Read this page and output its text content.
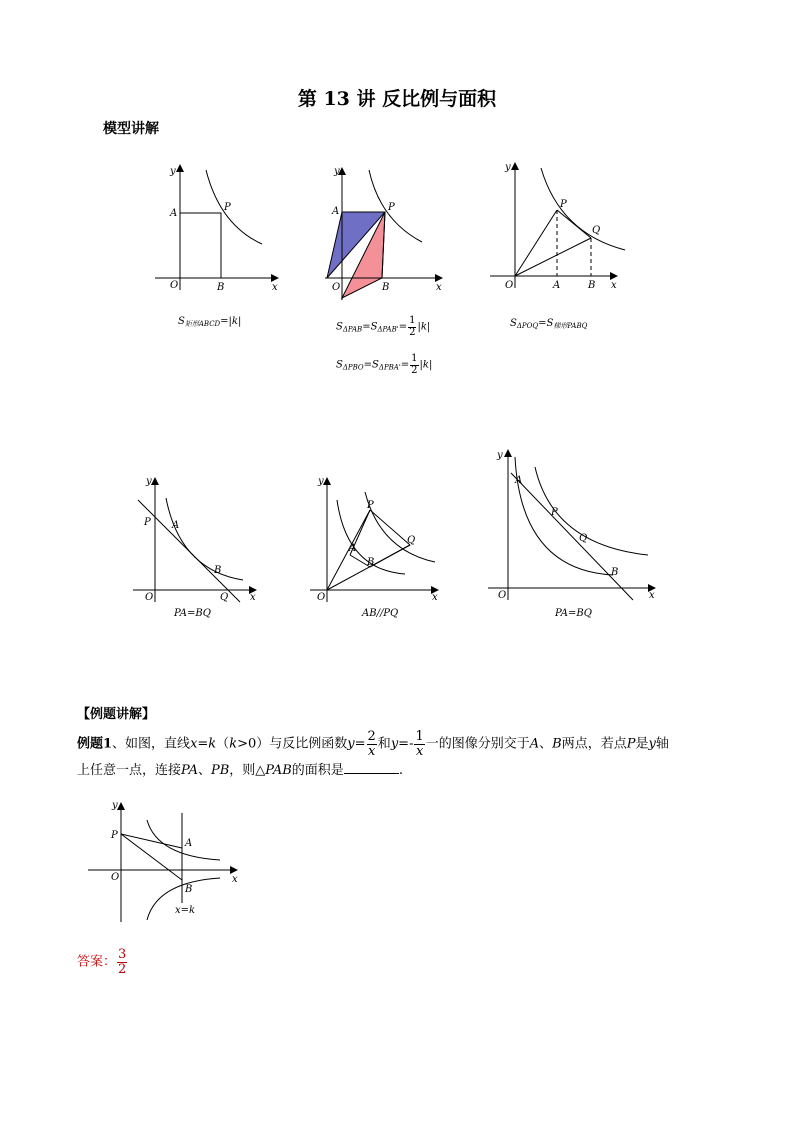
第 13 讲 反比例与面积
模型讲解
y
A
P
O	B	x
$S_{矩形ABCD}=|k|$
y
A	P
O	B	x
$S_{\Delta PAB}=S_{\Delta PAB'}= \frac{1}{2} |k|$
$S_{\Delta PBO}=S_{\Delta PBA'}= \frac{1}{2} |k|$
y
P
Q
O	A	B x
$S_{\Delta POQ}=S_{梯形PABQ}$
y
P A
B
O	Q x
PA=BQ
y
P
A
Q
B
O	x
AB//PQ
y
A
P
Q
B
O	x
PA=BQ
【例题讲解】
例题1、如图，直线x=k（k>0）与反比例函数$y= \frac{2}{x}$ 和$y=- \frac{1}{x}$ 一的图像分别交于A、B两点，若点P是y轴
上任意一点，连接PA、PB，则△PAB的面积是	.
y
P
A
O
B
x
x=k
答案： $\frac{3}{2}$
